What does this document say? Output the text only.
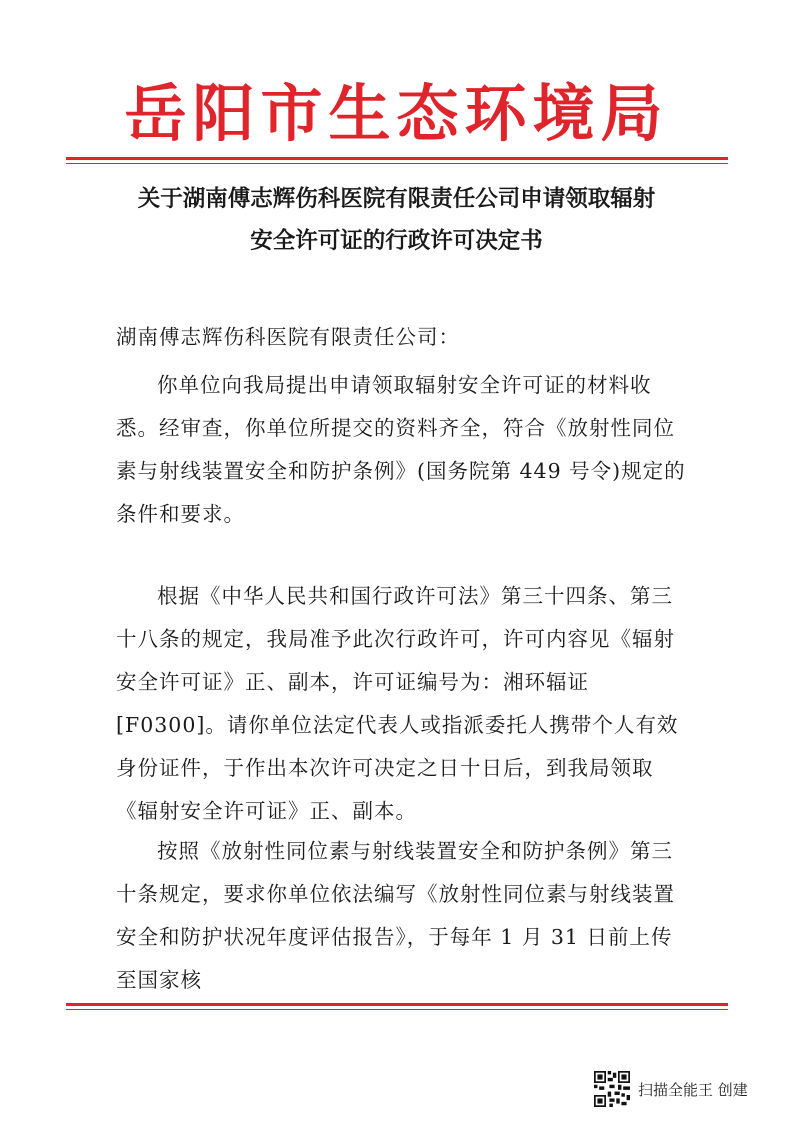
岳阳市生态环境局
关于湖南傅志辉伤科医院有限责任公司申请领取辐射
安全许可证的行政许可决定书

湖南傅志辉伤科医院有限责任公司：

你单位向我局提出申请领取辐射安全许可证的材料收悉。经审查，你单位所提交的资料齐全，符合《放射性同位素与射线装置安全和防护条例》(国务院第 449 号令)规定的条件和要求。

根据《中华人民共和国行政许可法》第三十四条、第三十八条的规定，我局准予此次行政许可，许可内容见《辐射安全许可证》正、副本，许可证编号为：湘环辐证[F0300]。请你单位法定代表人或指派委托人携带个人有效身份证件，于作出本次许可决定之日十日后，到我局领取《辐射安全许可证》正、副本。

按照《放射性同位素与射线装置安全和防护条例》第三十条规定，要求你单位依法编写《放射性同位素与射线装置安全和防护状况年度评估报告》，于每年 1 月 31 日前上传至国家核

扫描全能王 创建
